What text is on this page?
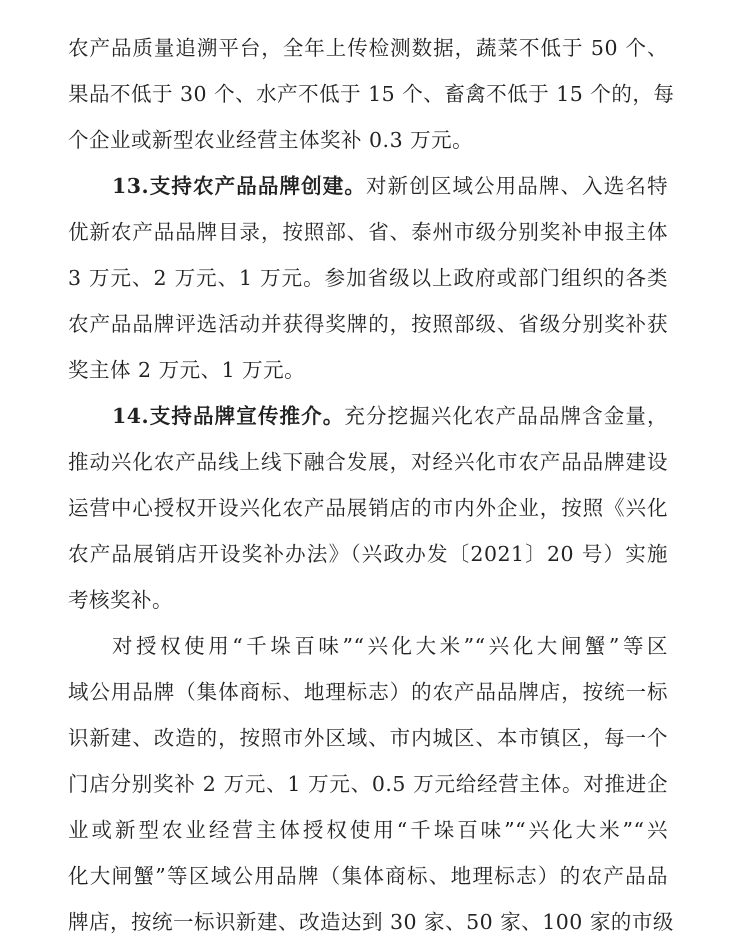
农产品质量追溯平台，全年上传检测数据，蔬菜不低于 50 个、
果品不低于 30 个、水产不低于 15 个、畜禽不低于 15 个的，每
个企业或新型农业经营主体奖补 0.3 万元。
13.支持农产品品牌创建。对新创区域公用品牌、入选名特
优新农产品品牌目录，按照部、省、泰州市级分别奖补申报主体
3 万元、2 万元、1 万元。参加省级以上政府或部门组织的各类
农产品品牌评选活动并获得奖牌的，按照部级、省级分别奖补获
奖主体 2 万元、1 万元。
14.支持品牌宣传推介。充分挖掘兴化农产品品牌含金量，
推动兴化农产品线上线下融合发展，对经兴化市农产品品牌建设
运营中心授权开设兴化农产品展销店的市内外企业，按照《兴化
农产品展销店开设奖补办法》（兴政办发〔2021〕20 号）实施
考核奖补。
对授权使用“千垛百味”“兴化大米”“兴化大闸蟹”等区
域公用品牌（集体商标、地理标志）的农产品品牌店，按统一标
识新建、改造的，按照市外区域、市内城区、本市镇区，每一个
门店分别奖补 2 万元、1 万元、0.5 万元给经营主体。对推进企
业或新型农业经营主体授权使用“千垛百味”“兴化大米”“兴
化大闸蟹”等区域公用品牌（集体商标、地理标志）的农产品品
牌店，按统一标识新建、改造达到 30 家、50 家、100 家的市级
